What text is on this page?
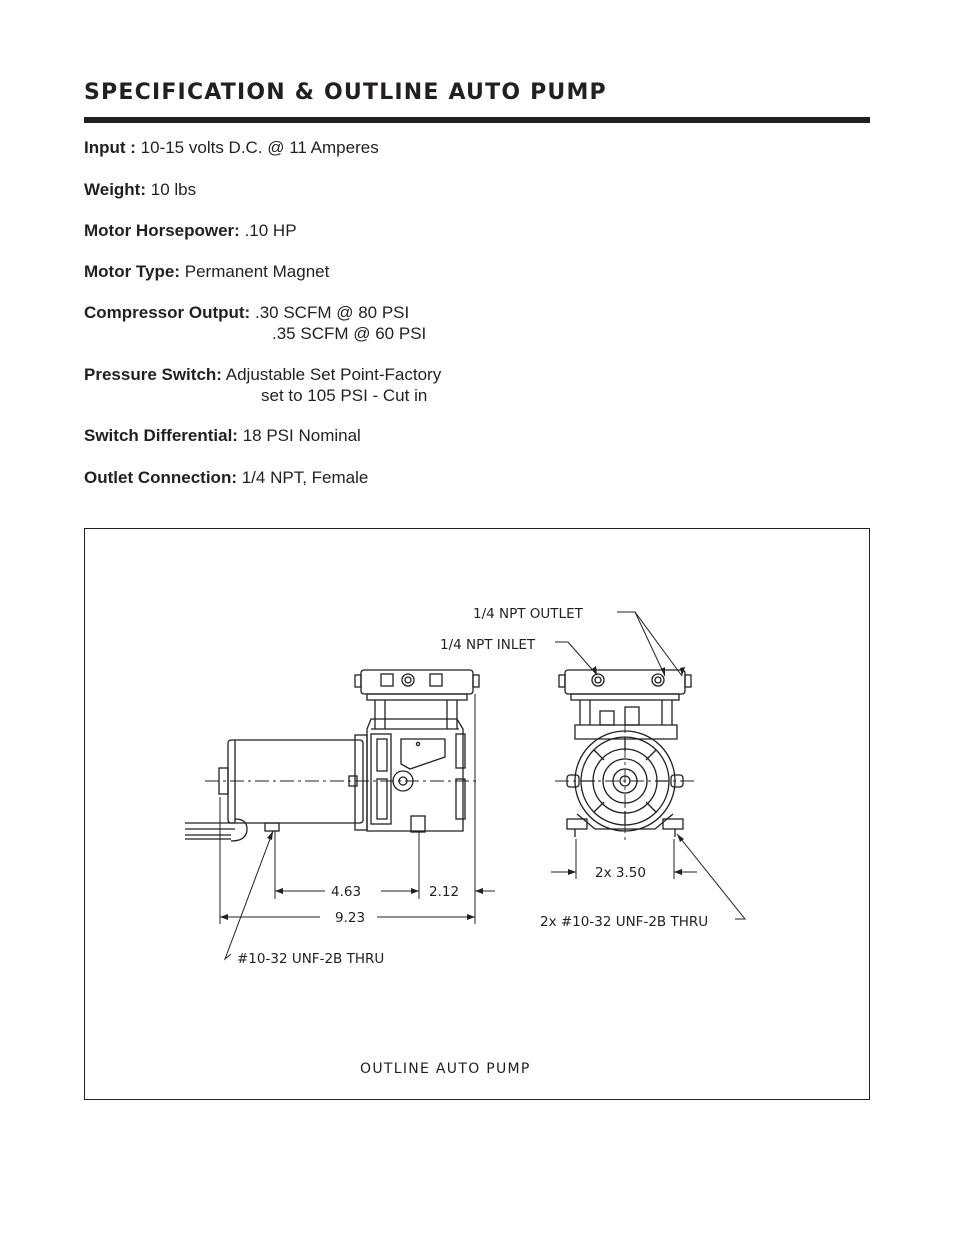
SPECIFICATION & OUTLINE AUTO PUMP
Input : 10-15 volts D.C. @ 11 Amperes
Weight: 10 lbs
Motor Horsepower: .10 HP
Motor Type: Permanent Magnet
Compressor Output: .30 SCFM @ 80 PSI
.35 SCFM @ 60 PSI
Pressure Switch: Adjustable Set Point-Factory
set to 105 PSI - Cut in
Switch Differential: 18 PSI Nominal
Outlet Connection: 1/4 NPT, Female
1/4 NPT OUTLET
1/4 NPT INLET
4.63	2.12
9.23
2x 3.50
#10-32 UNF-2B THRU
2x #10-32 UNF-2B THRU
OUTLINE AUTO PUMP
